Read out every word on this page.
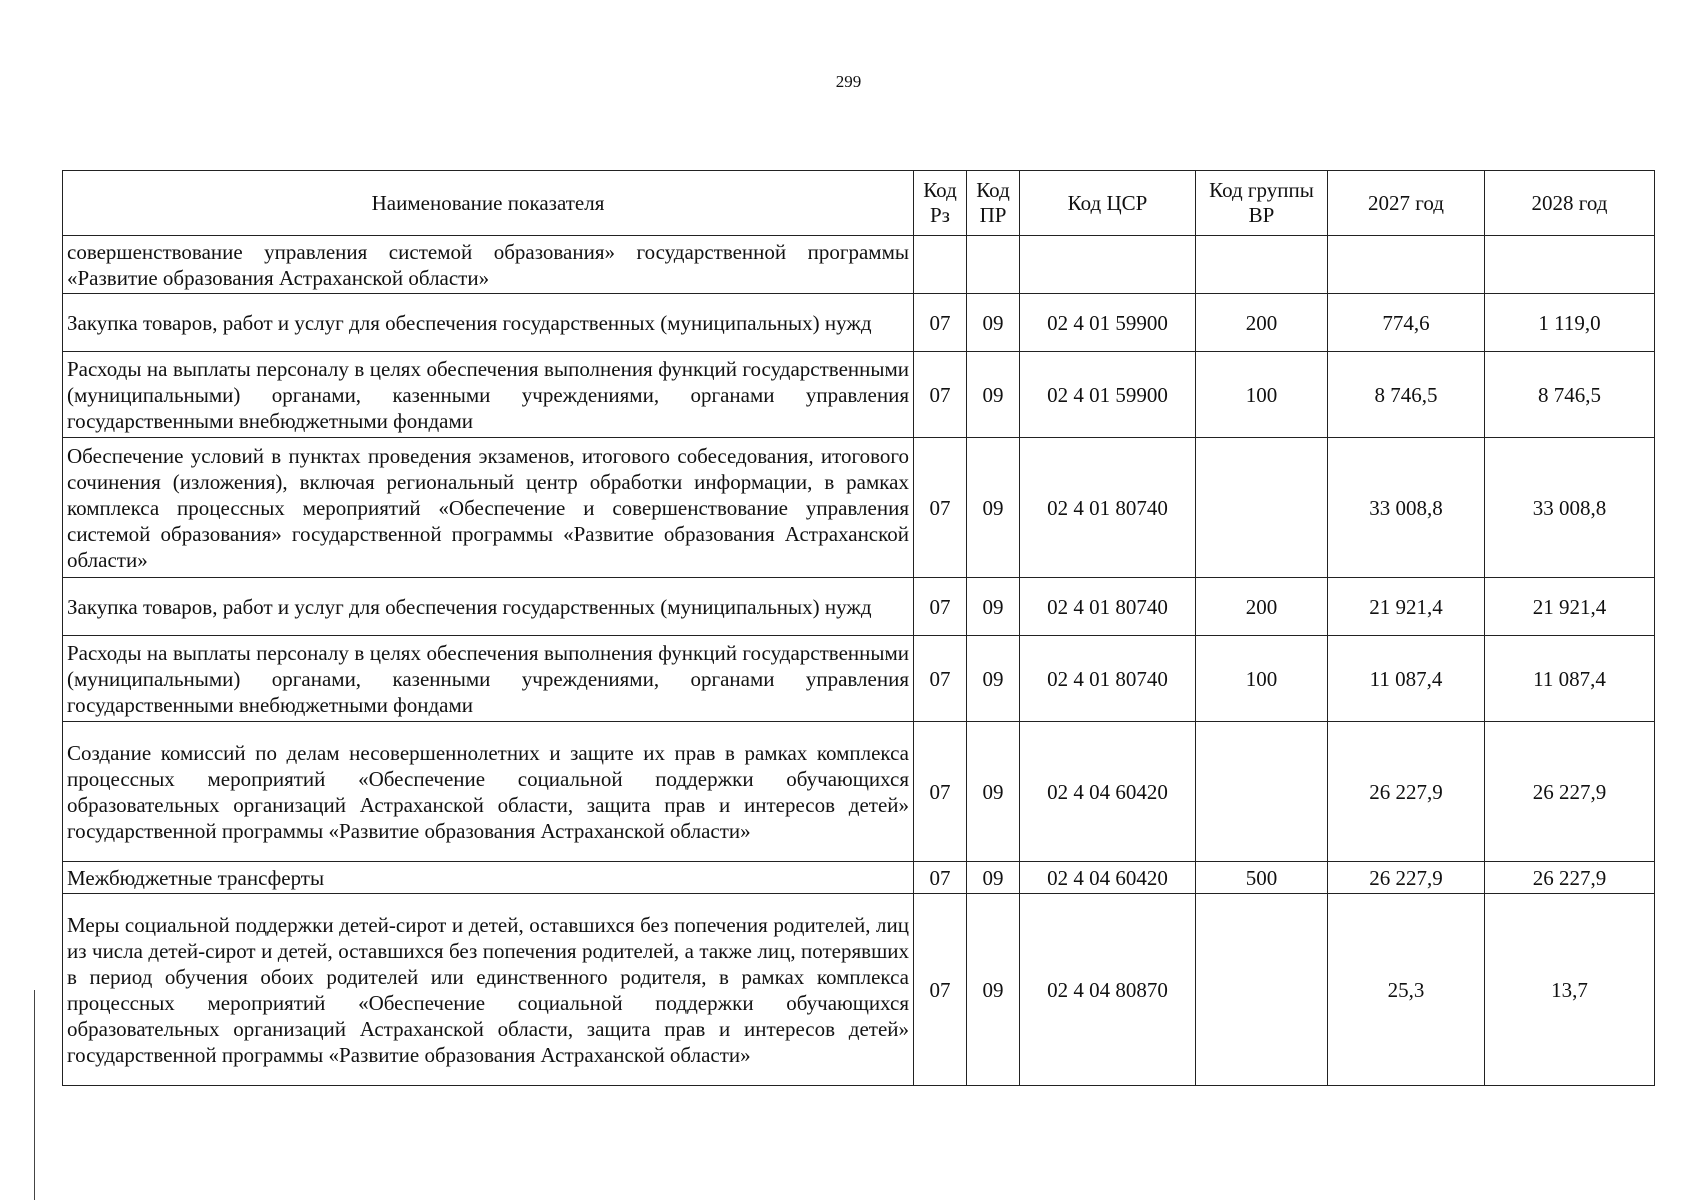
299
Наименование показателя	Код Рз	Код ПР	Код ЦСР	Код группы ВР	2027 год	2028 год
совершенствование управления системой образования» государственной программы «Развитие образования Астраханской области»						
Закупка товаров, работ и услуг для обеспечения государственных (муниципальных) нужд	07	09	02 4 01 59900	200	774,6	1 119,0
Расходы на выплаты персоналу в целях обеспечения выполнения функций государственными (муниципальными) органами, казенными учреждениями, органами управления государственными внебюджетными фондами	07	09	02 4 01 59900	100	8 746,5	8 746,5
Обеспечение условий в пунктах проведения экзаменов, итогового собеседования, итогового сочинения (изложения), включая региональный центр обработки информации, в рамках комплекса процессных мероприятий «Обеспечение и совершенствование управления системой образования» государственной программы «Развитие образования Астраханской области»	07	09	02 4 01 80740		33 008,8	33 008,8
Закупка товаров, работ и услуг для обеспечения государственных (муниципальных) нужд	07	09	02 4 01 80740	200	21 921,4	21 921,4
Расходы на выплаты персоналу в целях обеспечения выполнения функций государственными (муниципальными) органами, казенными учреждениями, органами управления государственными внебюджетными фондами	07	09	02 4 01 80740	100	11 087,4	11 087,4
Создание комиссий по делам несовершеннолетних и защите их прав в рамках комплекса процессных мероприятий «Обеспечение социальной поддержки обучающихся образовательных организаций Астраханской области, защита прав и интересов детей» государственной программы «Развитие образования Астраханской области»	07	09	02 4 04 60420		26 227,9	26 227,9
Межбюджетные трансферты	07	09	02 4 04 60420	500	26 227,9	26 227,9
Меры социальной поддержки детей-сирот и детей, оставшихся без попечения родителей, лиц из числа детей-сирот и детей, оставшихся без попечения родителей, а также лиц, потерявших в период обучения обоих родителей или единственного родителя, в рамках комплекса процессных мероприятий «Обеспечение социальной поддержки обучающихся образовательных организаций Астраханской области, защита прав и интересов детей» государственной программы «Развитие образования Астраханской области»	07	09	02 4 04 80870		25,3	13,7
